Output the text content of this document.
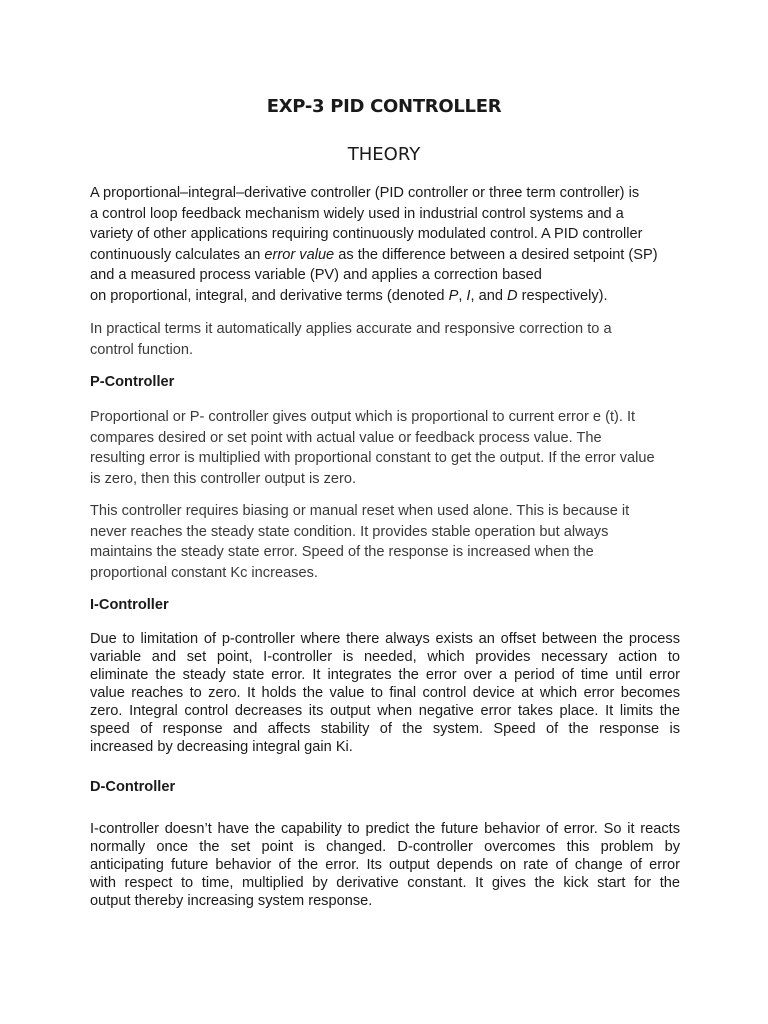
EXP-3 PID CONTROLLER
THEORY

A proportional–integral–derivative controller (PID controller or three term controller) is
a control loop feedback mechanism widely used in industrial control systems and a
variety of other applications requiring continuously modulated control. A PID controller
continuously calculates an error value as the difference between a desired setpoint (SP)
and a measured process variable (PV) and applies a correction based
on proportional, integral, and derivative terms (denoted P, I, and D respectively).

In practical terms it automatically applies accurate and responsive correction to a
control function.

P-Controller

Proportional or P- controller gives output which is proportional to current error e (t). It
compares desired or set point with actual value or feedback process value. The
resulting error is multiplied with proportional constant to get the output. If the error value
is zero, then this controller output is zero.

This controller requires biasing or manual reset when used alone. This is because it
never reaches the steady state condition. It provides stable operation but always
maintains the steady state error. Speed of the response is increased when the
proportional constant Kc increases.

I-Controller

Due to limitation of p-controller where there always exists an offset between the process
variable and set point, I-controller is needed, which provides necessary action to
eliminate the steady state error. It integrates the error over a period of time until error
value reaches to zero. It holds the value to final control device at which error becomes
zero. Integral control decreases its output when negative error takes place. It limits the
speed of response and affects stability of the system. Speed of the response is
increased by decreasing integral gain Ki.

D-Controller

I-controller doesn’t have the capability to predict the future behavior of error. So it reacts
normally once the set point is changed. D-controller overcomes this problem by
anticipating future behavior of the error. Its output depends on rate of change of error
with respect to time, multiplied by derivative constant. It gives the kick start for the
output thereby increasing system response.
